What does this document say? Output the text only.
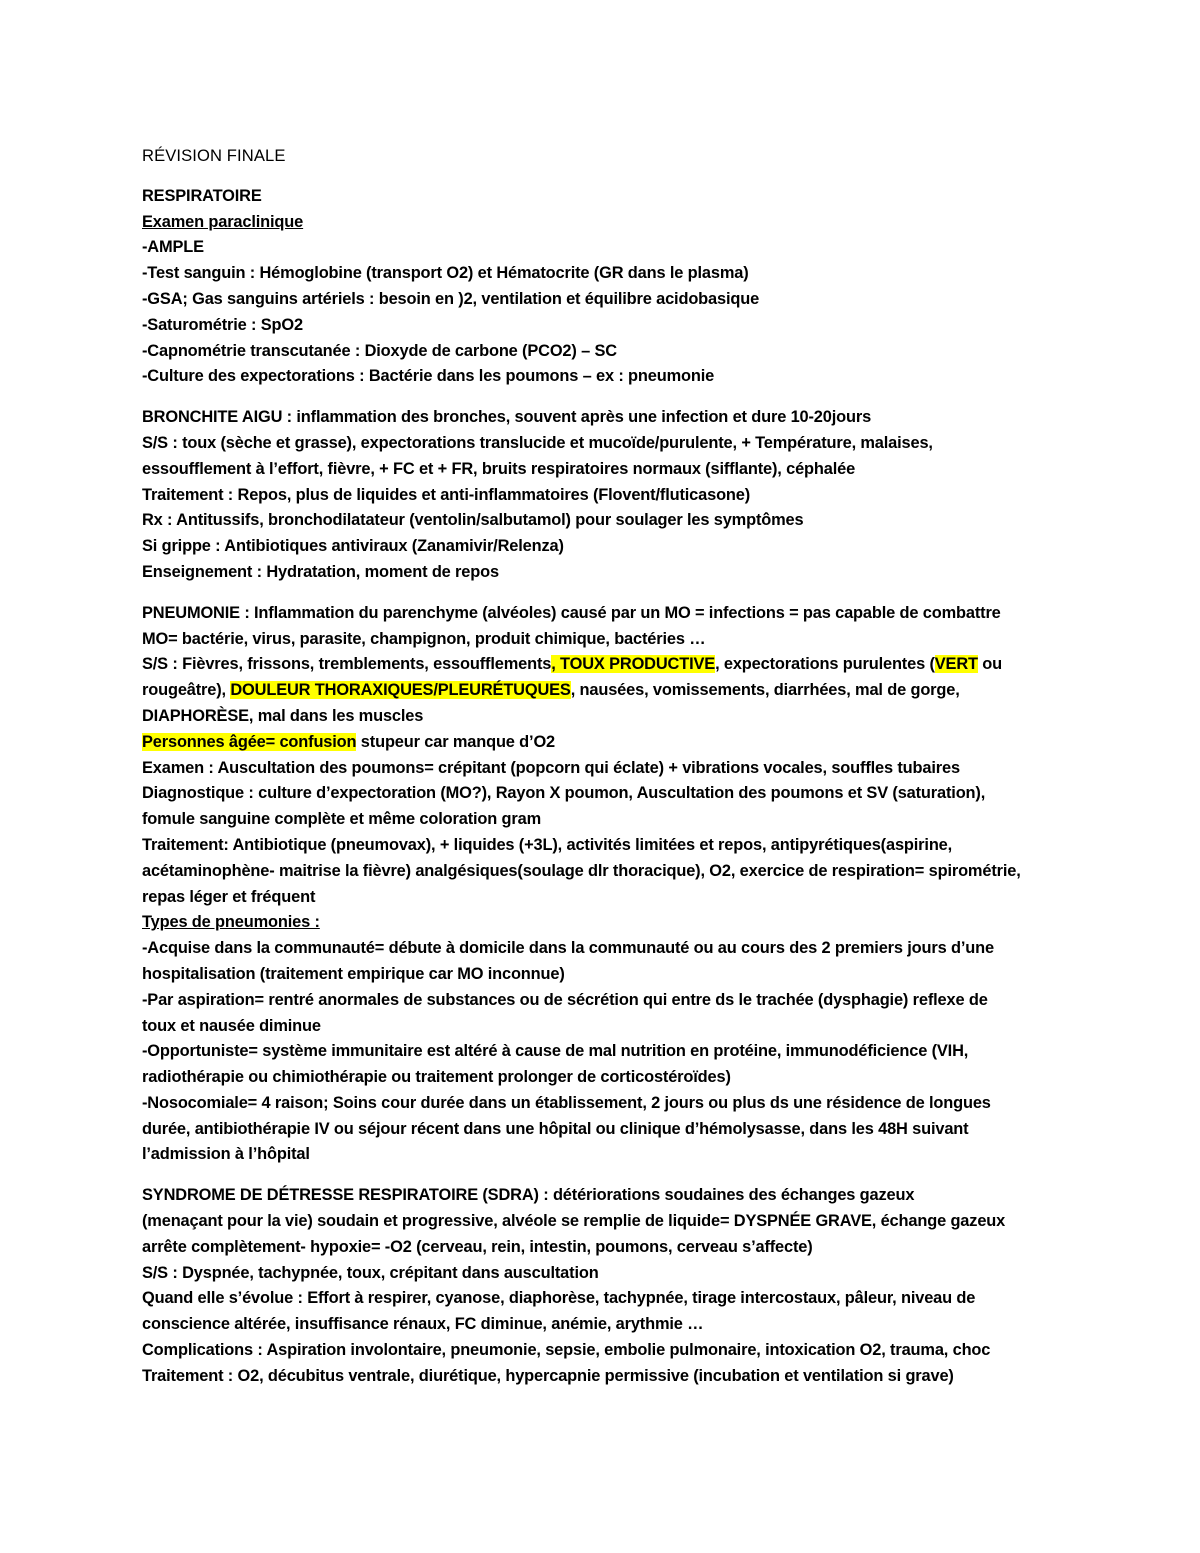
RÉVISION FINALE
RESPIRATOIRE
Examen paraclinique
-AMPLE
-Test sanguin : Hémoglobine (transport O2) et Hématocrite (GR dans le plasma)
-GSA; Gas sanguins artériels : besoin en )2, ventilation et équilibre acidobasique
-Saturométrie : SpO2
-Capnométrie transcutanée : Dioxyde de carbone (PCO2) – SC
-Culture des expectorations : Bactérie dans les poumons – ex : pneumonie
BRONCHITE AIGU : inflammation des bronches, souvent après une infection et dure 10-20jours
S/S : toux (sèche et grasse), expectorations translucide et mucoïde/purulente, + Température, malaises,
essoufflement à l’effort, fièvre, + FC et + FR, bruits respiratoires normaux (sifflante), céphalée
Traitement : Repos, plus de liquides et anti-inflammatoires (Flovent/fluticasone)
Rx : Antitussifs, bronchodilatateur (ventolin/salbutamol) pour soulager les symptômes
Si grippe : Antibiotiques antiviraux (Zanamivir/Relenza)
Enseignement : Hydratation, moment de repos
PNEUMONIE : Inflammation du parenchyme (alvéoles) causé par un MO = infections = pas capable de combattre
MO= bactérie, virus, parasite, champignon, produit chimique, bactéries …
S/S : Fièvres, frissons, tremblements, essoufflements, TOUX PRODUCTIVE, expectorations purulentes (VERT ou
rougeâtre), DOULEUR THORAXIQUES/PLEURÉTUQUES, nausées, vomissements, diarrhées, mal de gorge,
DIAPHORÈSE, mal dans les muscles
Personnes âgée= confusion stupeur car manque d’O2
Examen : Auscultation des poumons= crépitant (popcorn qui éclate) + vibrations vocales, souffles tubaires
Diagnostique : culture d’expectoration (MO?), Rayon X poumon, Auscultation des poumons et SV (saturation),
fomule sanguine complète et même coloration gram
Traitement: Antibiotique (pneumovax), + liquides (+3L), activités limitées et repos, antipyrétiques(aspirine,
acétaminophène- maitrise la fièvre) analgésiques(soulage dlr thoracique), O2, exercice de respiration= spirométrie,
repas léger et fréquent
Types de pneumonies :
-Acquise dans la communauté= débute à domicile dans la communauté ou au cours des 2 premiers jours d’une
hospitalisation (traitement empirique car MO inconnue)
-Par aspiration= rentré anormales de substances ou de sécrétion qui entre ds le trachée (dysphagie) reflexe de
toux et nausée diminue
-Opportuniste= système immunitaire est altéré à cause de mal nutrition en protéine, immunodéficience (VIH,
radiothérapie ou chimiothérapie ou traitement prolonger de corticostéroïdes)
-Nosocomiale= 4 raison; Soins cour durée dans un établissement, 2 jours ou plus ds une résidence de longues
durée, antibiothérapie IV ou séjour récent dans une hôpital ou clinique d’hémolysasse, dans les 48H suivant
l’admission à l’hôpital
SYNDROME DE DÉTRESSE RESPIRATOIRE (SDRA) : détériorations soudaines des échanges gazeux
(menaçant pour la vie) soudain et progressive, alvéole se remplie de liquide= DYSPNÉE GRAVE, échange gazeux
arrête complètement- hypoxie= -O2 (cerveau, rein, intestin, poumons, cerveau s’affecte)
S/S : Dyspnée, tachypnée, toux, crépitant dans auscultation
Quand elle s’évolue : Effort à respirer, cyanose, diaphorèse, tachypnée, tirage intercostaux, pâleur, niveau de
conscience altérée, insuffisance rénaux, FC diminue, anémie, arythmie …
Complications : Aspiration involontaire, pneumonie, sepsie, embolie pulmonaire, intoxication O2, trauma, choc
Traitement : O2, décubitus ventrale, diurétique, hypercapnie permissive (incubation et ventilation si grave)
